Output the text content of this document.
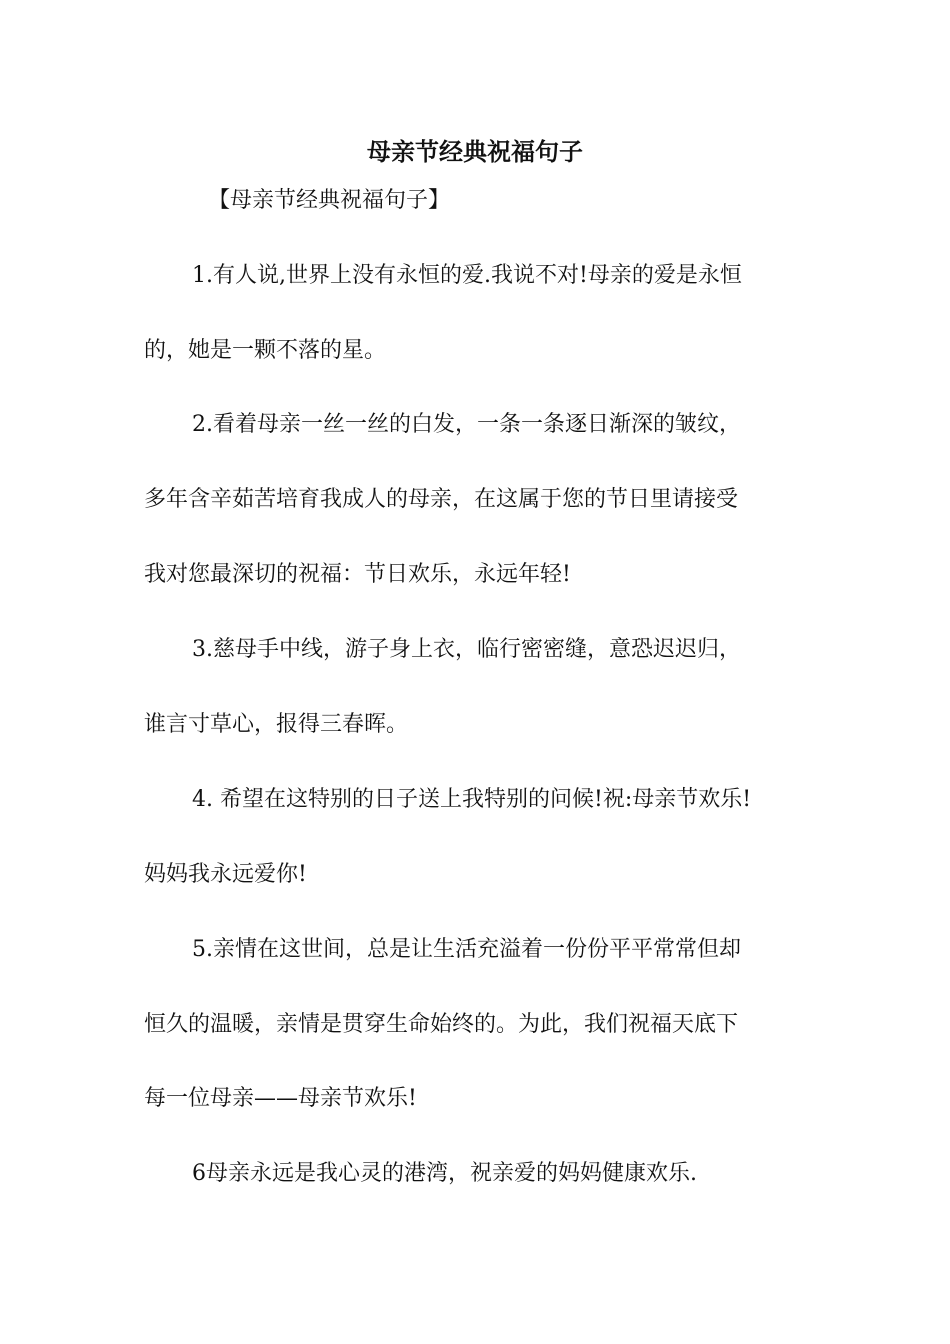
母亲节经典祝福句子
【母亲节经典祝福句子】
1.有人说,世界上没有永恒的爱.我说不对!母亲的爱是永恒
的，她是一颗不落的星。
2.看着母亲一丝一丝的白发，一条一条逐日渐深的皱纹，
多年含辛茹苦培育我成人的母亲，在这属于您的节日里请接受
我对您最深切的祝福：节日欢乐，永远年轻!
3.慈母手中线，游子身上衣，临行密密缝，意恐迟迟归，
谁言寸草心，报得三春晖。
4. 希望在这特别的日子送上我特别的问候!祝:母亲节欢乐!
妈妈我永远爱你!
5.亲情在这世间，总是让生活充溢着一份份平平常常但却
恒久的温暖，亲情是贯穿生命始终的。为此，我们祝福天底下
每一位母亲——母亲节欢乐!
6母亲永远是我心灵的港湾，祝亲爱的妈妈健康欢乐.
